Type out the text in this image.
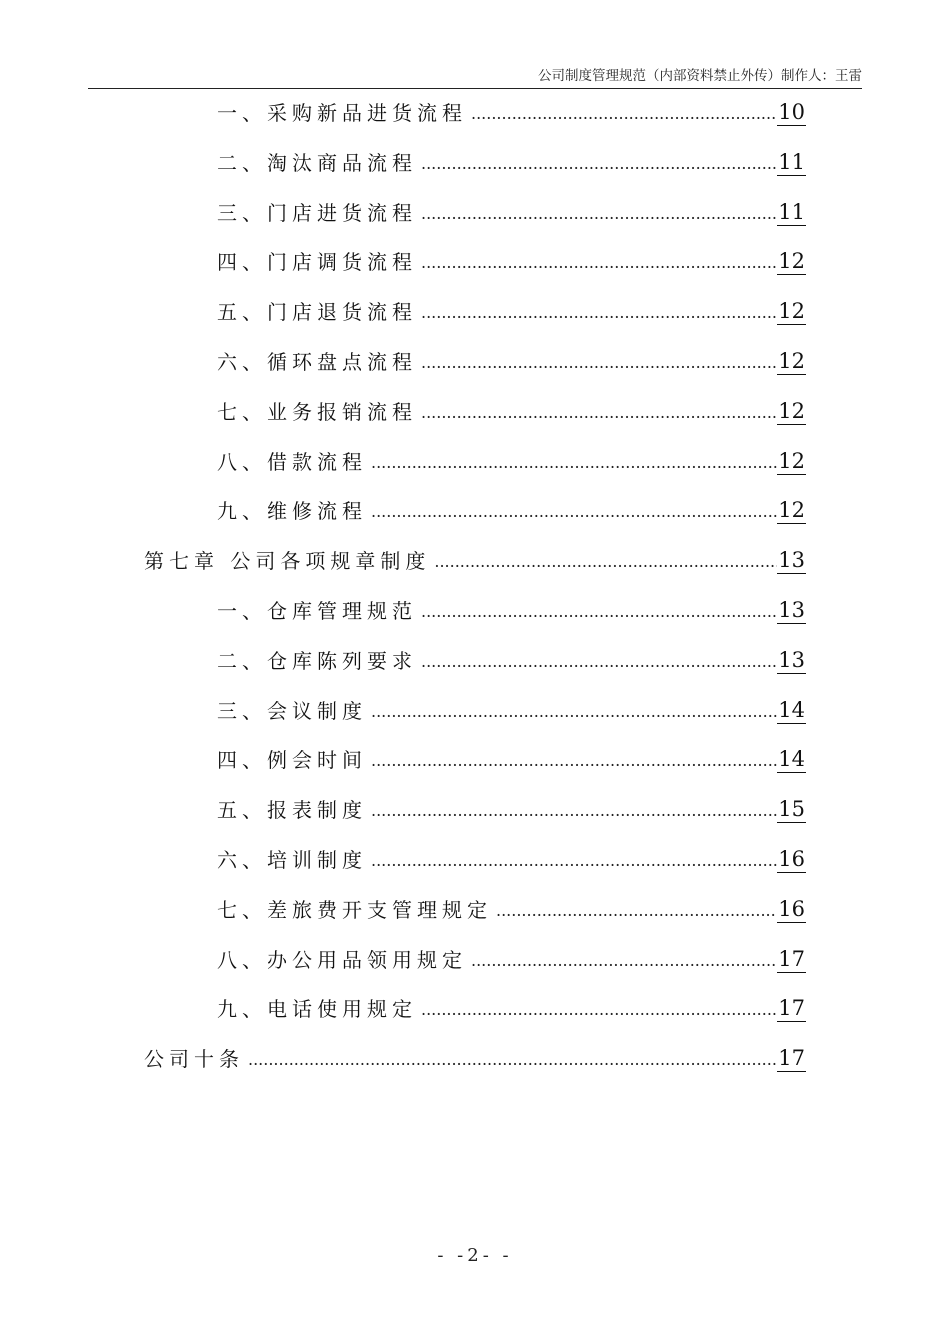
公司制度管理规范（内部资料禁止外传）制作人：王雷
一、采购新品进货流程 .....	10
二、淘汰商品流程 .....	11
三、门店进货流程 .....	11
四、门店调货流程 .....	12
五、门店退货流程 .....	12
六、循环盘点流程 .....	12
七、业务报销流程 .....	12
八、借款流程 .....	12
九、维修流程 .....	12
第七章 公司各项规章制度 .....	13
一、仓库管理规范 .....	13
二、仓库陈列要求 .....	13
三、会议制度 .....	14
四、例会时间 .....	14
五、报表制度 .....	15
六、培训制度 .....	16
七、差旅费开支管理规定 .....	16
八、办公用品领用规定 .....	17
九、电话使用规定 .....	17
公司十条 .....	17
- -2- -
